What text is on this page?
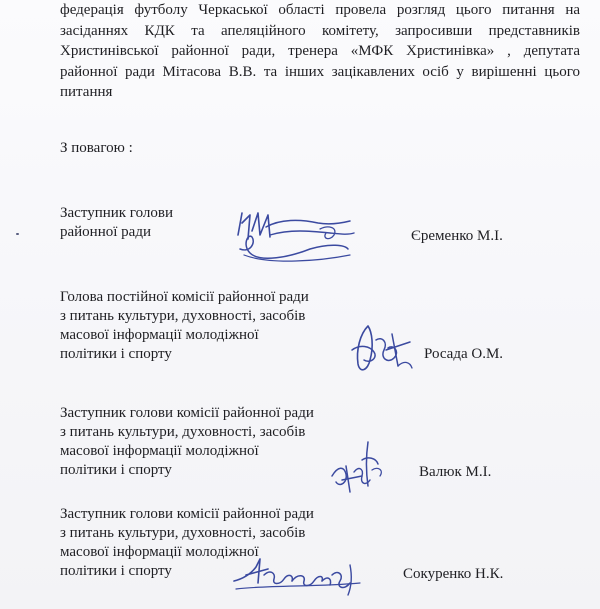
федерація футболу Черкаської області провела розгляд цього питання на
засіданнях КДК та апеляційного комітету, запросивши представників
Христинівської районної ради, тренера «МФК Христинівка» , депутата
районної ради Мітасова В.В. та інших зацікавлених осіб у вирішенні цього
питання

З повагою :
Заступник голови
районної ради	Єременко М.І.
Голова постійної комісії районної ради
з питань культури, духовності, засобів
масової інформації молодіжної
політики і спорту	Росада О.М.
Заступник голови комісії районної ради
з питань культури, духовності, засобів
масової інформації молодіжної
політики і спорту	Валюк М.І.
Заступник голови комісії районної ради
з питань культури, духовності, засобів
масової інформації молодіжної
політики і спорту	Сокуренко Н.К.
